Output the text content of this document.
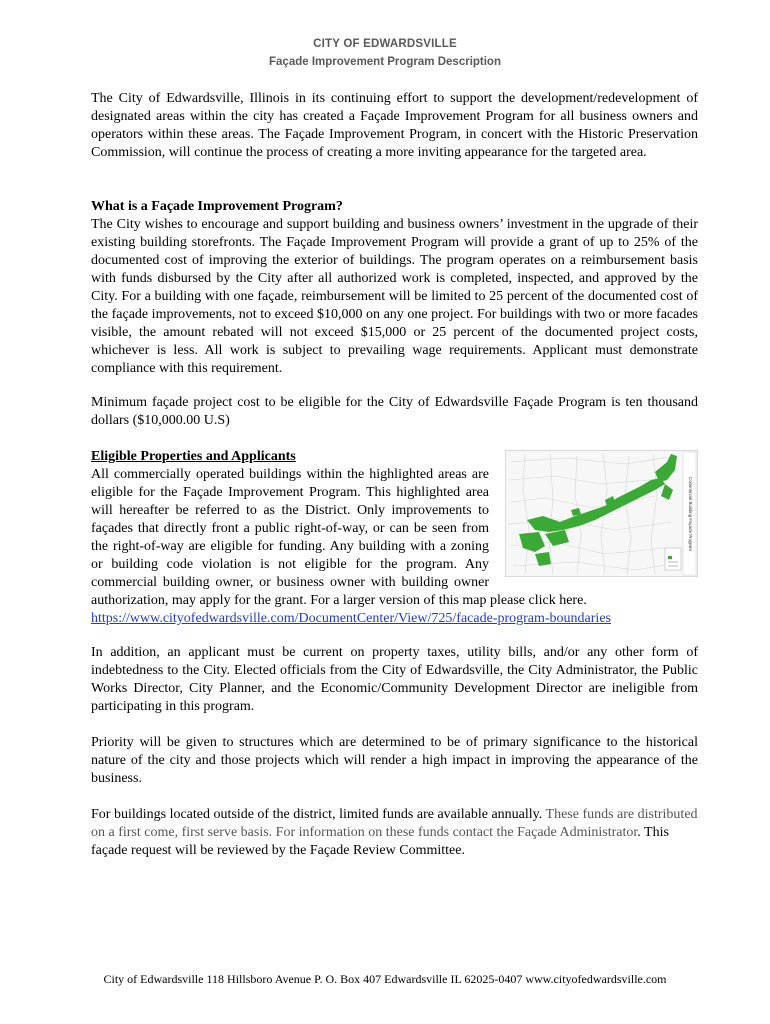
CITY OF EDWARDSVILLE
Façade Improvement Program Description

The City of Edwardsville, Illinois in its continuing effort to support the development/redevelopment of designated areas within the city has created a Façade Improvement Program for all business owners and operators within these areas. The Façade Improvement Program, in concert with the Historic Preservation Commission, will continue the process of creating a more inviting appearance for the targeted area.

What is a Façade Improvement Program?

The City wishes to encourage and support building and business owners’ investment in the upgrade of their existing building storefronts. The Façade Improvement Program will provide a grant of up to 25% of the documented cost of improving the exterior of buildings. The program operates on a reimbursement basis with funds disbursed by the City after all authorized work is completed, inspected, and approved by the City. For a building with one façade, reimbursement will be limited to 25 percent of the documented cost of the façade improvements, not to exceed $10,000 on any one project. For buildings with two or more facades visible, the amount rebated will not exceed $15,000 or 25 percent of the documented project costs, whichever is less. All work is subject to prevailing wage requirements. Applicant must demonstrate compliance with this requirement.

Minimum façade project cost to be eligible for the City of Edwardsville Façade Program is ten thousand dollars ($10,000.00 U.S)

Commercial Building Façade Program

Eligible Properties and Applicants

All commercially operated buildings within the highlighted areas are eligible for the Façade Improvement Program. This highlighted area will hereafter be referred to as the District. Only improvements to façades that directly front a public right-of-way, or can be seen from the right-of-way are eligible for funding. Any building with a zoning or building code violation is not eligible for the program. Any commercial building owner, or business owner with building owner authorization, may apply for the grant. For a larger version of this map please click here.

https://www.cityofedwardsville.com/DocumentCenter/View/725/facade-program-boundaries

In addition, an applicant must be current on property taxes, utility bills, and/or any other form of indebtedness to the City. Elected officials from the City of Edwardsville, the City Administrator, the Public Works Director, City Planner, and the Economic/Community Development Director are ineligible from participating in this program.

Priority will be given to structures which are determined to be of primary significance to the historical nature of the city and those projects which will render a high impact in improving the appearance of the business.

For buildings located outside of the district, limited funds are available annually. These funds are distributed on a first come, first serve basis. For information on these funds contact the Façade Administrator. This façade request will be reviewed by the Façade Review Committee.

City of Edwardsville 118 Hillsboro Avenue P. O. Box 407 Edwardsville IL 62025-0407 www.cityofedwardsville.com
